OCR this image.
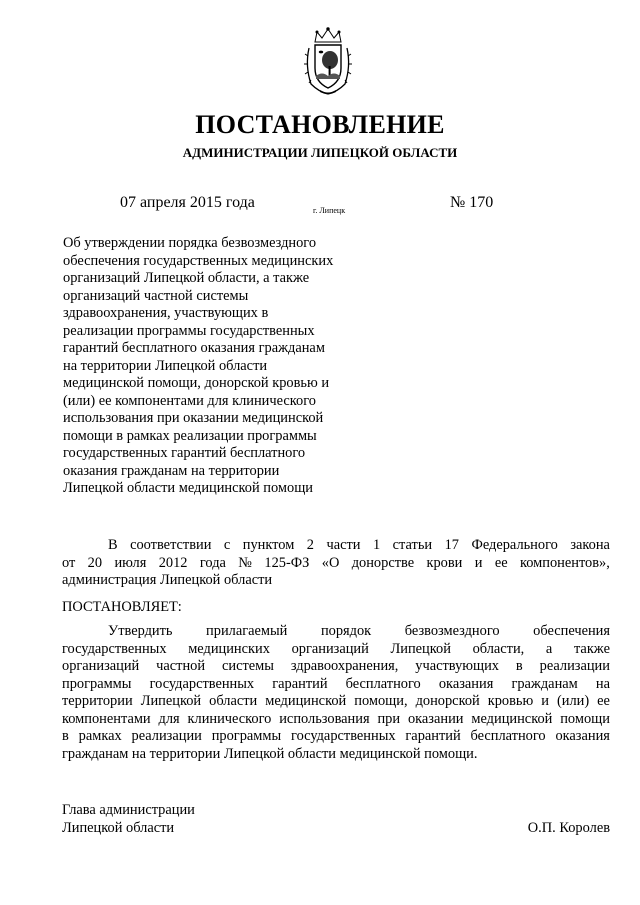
ПОСТАНОВЛЕНИЕ
АДМИНИСТРАЦИИ ЛИПЕЦКОЙ ОБЛАСТИ
07 апреля 2015 года	г. Липецк	№ 170
Об утверждении порядка безвозмездного
обеспечения государственных медицинских
организаций Липецкой области, а также
организаций частной системы
здравоохранения, участвующих в
реализации программы государственных
гарантий бесплатного оказания гражданам
на территории Липецкой области
медицинской помощи, донорской кровью и
(или) ее компонентами для клинического
использования при оказании медицинской
помощи в рамках реализации программы
государственных гарантий бесплатного
оказания гражданам на территории
Липецкой области медицинской помощи
В соответствии с пунктом 2 части 1 статьи 17 Федерального закона
от 20 июля 2012 года № 125-ФЗ «О донорстве крови и ее компонентов»,
администрация Липецкой области
ПОСТАНОВЛЯЕТ:
Утвердить прилагаемый порядок безвозмездного обеспечения
государственных медицинских организаций Липецкой области, а также
организаций частной системы здравоохранения, участвующих в реализации
программы государственных гарантий бесплатного оказания гражданам на
территории Липецкой области медицинской помощи, донорской кровью и (или) ее
компонентами для клинического использования при оказании медицинской помощи
в рамках реализации программы государственных гарантий бесплатного оказания
гражданам на территории Липецкой области медицинской помощи.
Глава администрации
Липецкой области	О.П. Королев
